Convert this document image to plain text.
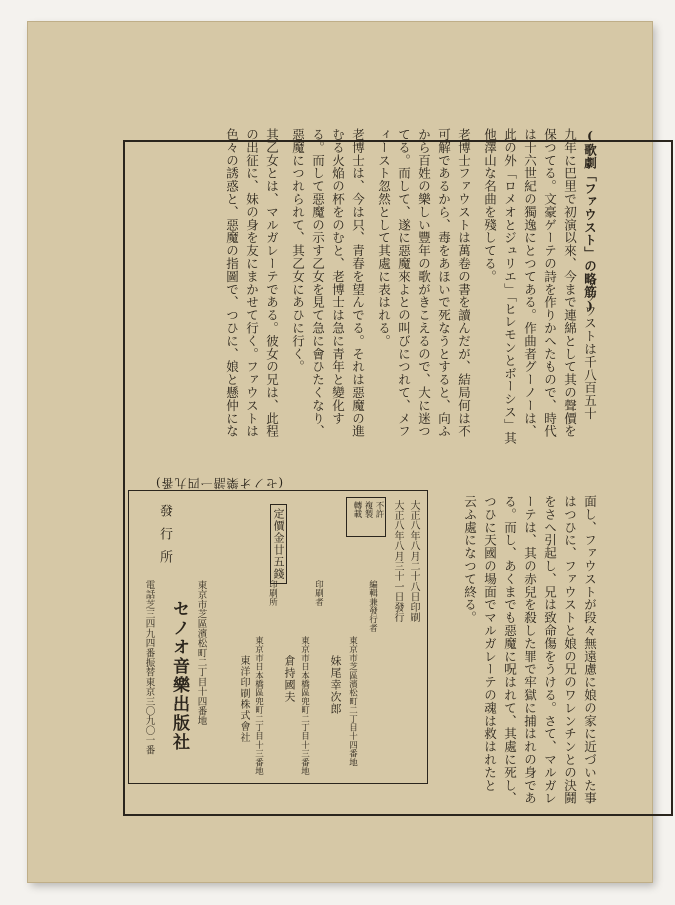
(歌劇「ファウスト」の略筋)
ファウストは千八百五十
九年に巴里で初演以來、今まで連綿として其の聲價を
保つてる。文豪ゲーテの詩を作りかへたもので、時代
は十六世紀の獨逸にとつてある。作曲者グーノーは、
此の外「ロメオとジュリエ」「ヒレモンとボーシス」其
他澤山な名曲を殘してる。
老博士ファウストは萬卷の書を讀んだが、結局何は不
可解であるから、毒をあほいで死なうとすると、向ふ
から百姓の樂しい豐年の歌がきこえるので、大に迷つ
てる。而して、遂に惡魔來よとの叫びにつれて、メフ
ィースト忽然として其處に表はれる。
老博士は、今は只、青春を望んでる。それは惡魔の進
むる火焔の杯をのむと、老博士は急に青年と變化す
る。而して惡魔の示す乙女を見て急に會ひたくなり、
惡魔につれられて、其乙女にあひに行く。
其乙女とは、マルガレーテである。彼女の兄は、此程
の出征に、妹の身を友にまかせて行く。ファウストは
色々の誘惑と、惡魔の指圖で、つひに、娘と懸仲にな
面し、ファウストが段々無遠慮に娘の家に近づいた事
はつひに、ファウストと娘の兄のワレンチンとの決鬪
をさへ引起し、兄は致命傷をうける。さて、マルガレ
ーテは、其の赤兒を殺した罪で牢獄に捕はれの身であ
る。而し、あくまでも惡魔に呪はれて、其處に死し、
つひに天國の場面でマルガレーテの魂は救はれたと
云ふ處になつて終る。
(セノオ樂譜一四九番)
大正八年八月二十八日印刷
大正八年八月三十一日發行
不許
複製
轉載
編輯兼發行者
東京市芝區濱松町二丁目十四番地
妹尾幸次郎
印刷者
東京市日本橋區兜町二丁目十三番地
倉持國夫
印刷所
東京市日本橋區兜町二丁目十三番地
東洋印刷株式會社
定價金廿五錢
發行所
東京市芝區濱松町二丁目十四番地
セノオ音樂出版社
電話芝三四九四番振替東京三〇九〇一番
